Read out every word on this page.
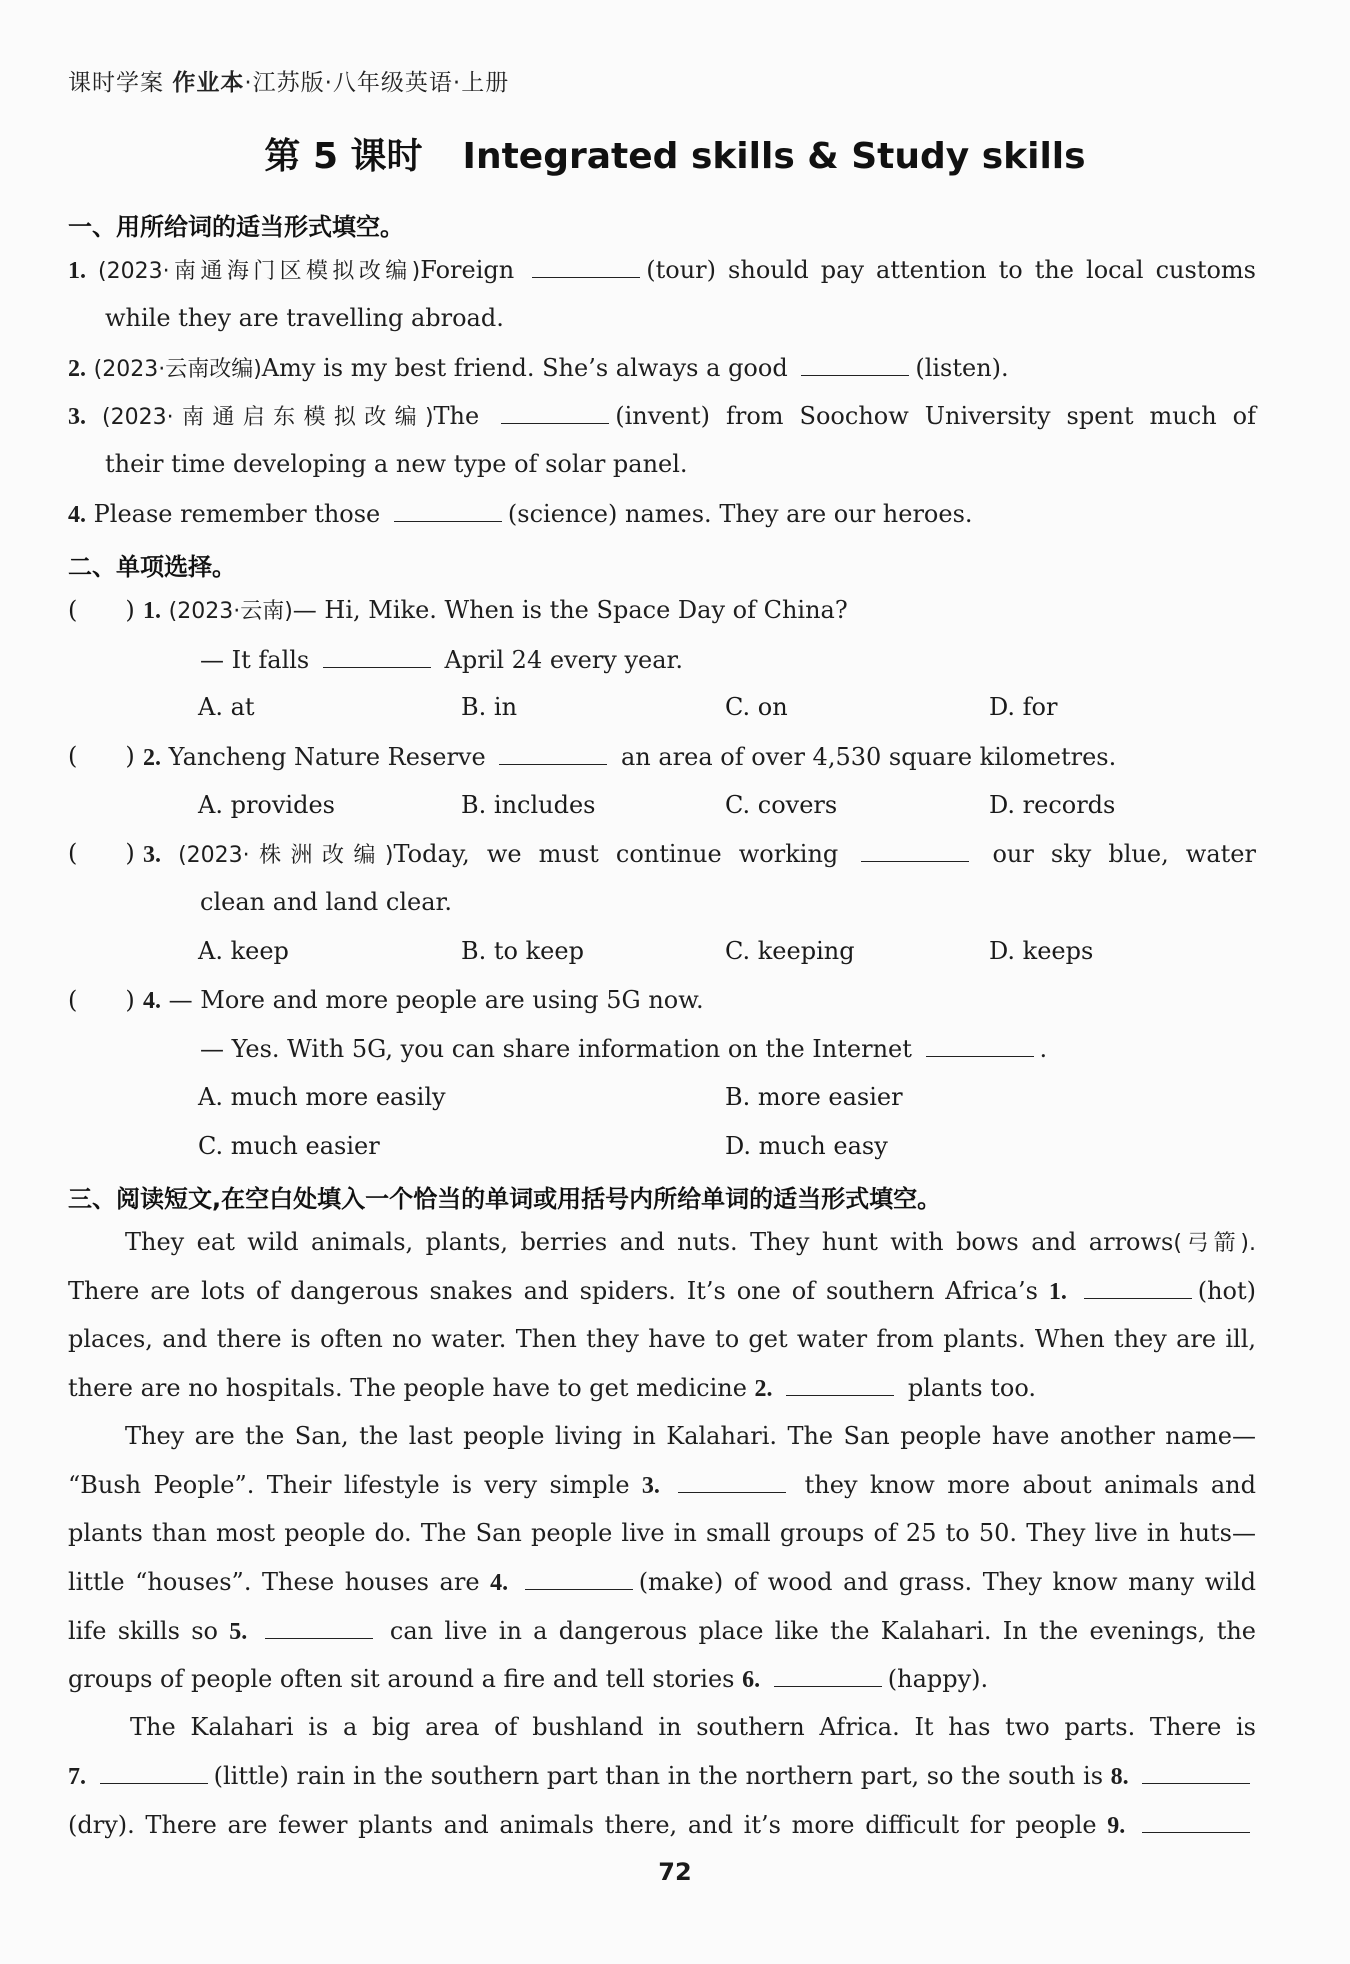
课时学案 作业本·江苏版·八年级英语·上册
第 5 课时 Integrated skills & Study skills
一、用所给词的适当形式填空。
1. (2023·南通海门区模拟改编)Foreign	(tour) should pay attention to the local customs
while they are travelling abroad.
2. (2023·云南改编)Amy is my best friend. She’s always a good	(listen).
3. (2023·南通启东模拟改编)The	(invent) from Soochow University spent much of
their time developing a new type of solar panel.
4. Please remember those	(science) names. They are our heroes.
二、单项选择。
(　　) 1. (2023·云南)— Hi, Mike. When is the Space Day of China?
— It falls	April 24 every year.
A. at	B. in	C. on	D. for
(　　) 2. Yancheng Nature Reserve	an area of over 4,530 square kilometres.
A. provides	B. includes	C. covers	D. records
(　　) 3. (2023·株洲改编)Today, we must continue working	our sky blue, water
clean and land clear.
A. keep	B. to keep	C. keeping	D. keeps
(　　) 4. — More and more people are using 5G now.
— Yes. With 5G, you can share information on the Internet	.
A. much more easily	B. more easier
C. much easier	D. much easy
三、阅读短文,在空白处填入一个恰当的单词或用括号内所给单词的适当形式填空。
They eat wild animals, plants, berries and nuts. They hunt with bows and arrows(弓箭).
There are lots of dangerous snakes and spiders. It’s one of southern Africa’s 1.	(hot)
places, and there is often no water. Then they have to get water from plants. When they are ill,
there are no hospitals. The people have to get medicine 2.	plants too.
They are the San, the last people living in Kalahari. The San people have another name—
“Bush People”. Their lifestyle is very simple 3.	they know more about animals and
plants than most people do. The San people live in small groups of 25 to 50. They live in huts—
little “houses”. These houses are 4.	(make) of wood and grass. They know many wild
life skills so 5.	can live in a dangerous place like the Kalahari. In the evenings, the
groups of people often sit around a fire and tell stories 6.	(happy).
The Kalahari is a big area of bushland in southern Africa. It has two parts. There is
7.	(little) rain in the southern part than in the northern part, so the south is 8.
(dry). There are fewer plants and animals there, and it’s more difficult for people 9.
72
